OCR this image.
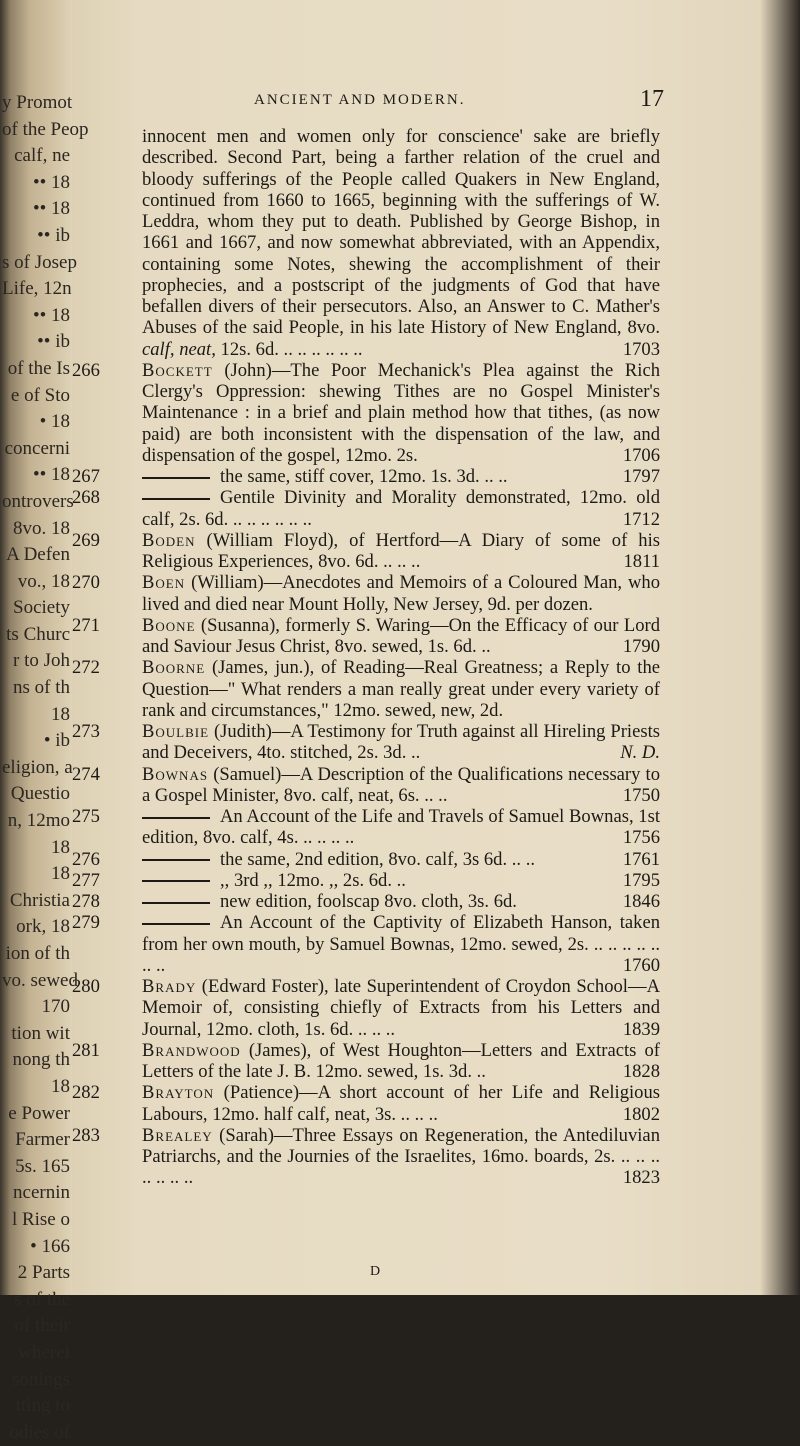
y Promot
of the Peop
calf, ne
•• 18
•• 18
•• ib
s of Josep
Life, 12n
•• 18
•• ib
of the Is
e of Sto
• 18
concerni
•• 18
ontrovers
8vo. 18
A Defen
vo., 18
Society
ts Churc
r to Joh
ns of th
18
• ib
eligion, a
Questio
n, 12mo
18
18
Christia
ork, 18
ion of th
vo. sewed
170
tion wit
nong th
18
e Power
Farmer
5s. 165
ncernin
l Rise o
• 166
2 Parts
s of the
of their
wherei
sonings
tting to
odies of
ANCIENT AND MODERN.	17
innocent men and women only for conscience' sake are briefly described. Second Part, being a farther relation of the cruel and bloody sufferings of the People called Quakers in New England, continued from 1660 to 1665, beginning with the sufferings of W. Leddra, whom they put to death. Published by George Bishop, in 1661 and 1667, and now somewhat abbreviated, with an Appendix, containing some Notes, shewing the accomplishment of their prophecies, and a postscript of the judgments of God that have befallen divers of their persecutors. Also, an Answer to C. Mather's Abuses of the said People, in his late History of New England, 8vo. calf, neat, 12s. 6d. .. .. .. .. .. ..	1703
266	Bockett (John)—The Poor Mechanick's Plea against the Rich Clergy's Oppression: shewing Tithes are no Gospel Minister's Maintenance : in a brief and plain method how that tithes, (as now paid) are both inconsistent with the dispensation of the law, and dispensation of the gospel, 12mo. 2s.	1706
267	the same, stiff cover, 12mo. 1s. 3d. .. ..	1797
268	Gentile Divinity and Morality demonstrated, 12mo. old calf, 2s. 6d. .. .. .. .. .. ..	1712
269	Boden (William Floyd), of Hertford—A Diary of some of his Religious Experiences, 8vo. 6d. .. .. ..	1811
270	Boen (William)—Anecdotes and Memoirs of a Coloured Man, who lived and died near Mount Holly, New Jersey, 9d. per dozen.
271	Boone (Susanna), formerly S. Waring—On the Efficacy of our Lord and Saviour Jesus Christ, 8vo. sewed, 1s. 6d. ..	1790
272	Boorne (James, jun.), of Reading—Real Greatness; a Reply to the Question—" What renders a man really great under every variety of rank and circumstances," 12mo. sewed, new, 2d.
273	Boulbie (Judith)—A Testimony for Truth against all Hireling Priests and Deceivers, 4to. stitched, 2s. 3d. ..	N. D.
274	Bownas (Samuel)—A Description of the Qualifications necessary to a Gospel Minister, 8vo. calf, neat, 6s. .. ..	1750
275	An Account of the Life and Travels of Samuel Bownas, 1st edition, 8vo. calf, 4s. .. .. .. ..	1756
276	the same, 2nd edition, 8vo. calf, 3s 6d. .. ..	1761
277	,, 3rd ,, 12mo. ,, 2s. 6d. ..	1795
278	new edition, foolscap 8vo. cloth, 3s. 6d.	1846
279	An Account of the Captivity of Elizabeth Hanson, taken from her own mouth, by Samuel Bownas, 12mo. sewed, 2s. .. .. .. .. .. .. ..	1760
280	Brady (Edward Foster), late Superintendent of Croydon School—A Memoir of, consisting chiefly of Extracts from his Letters and Journal, 12mo. cloth, 1s. 6d. .. .. ..	1839
281	Brandwood (James), of West Houghton—Letters and Extracts of Letters of the late J. B. 12mo. sewed, 1s. 3d. ..	1828
282	Brayton (Patience)—A short account of her Life and Religious Labours, 12mo. half calf, neat, 3s. .. .. ..	1802
283	Brealey (Sarah)—Three Essays on Regeneration, the Antediluvian Patriarchs, and the Journies of the Israelites, 16mo. boards, 2s. .. .. .. .. .. .. ..	1823
D
